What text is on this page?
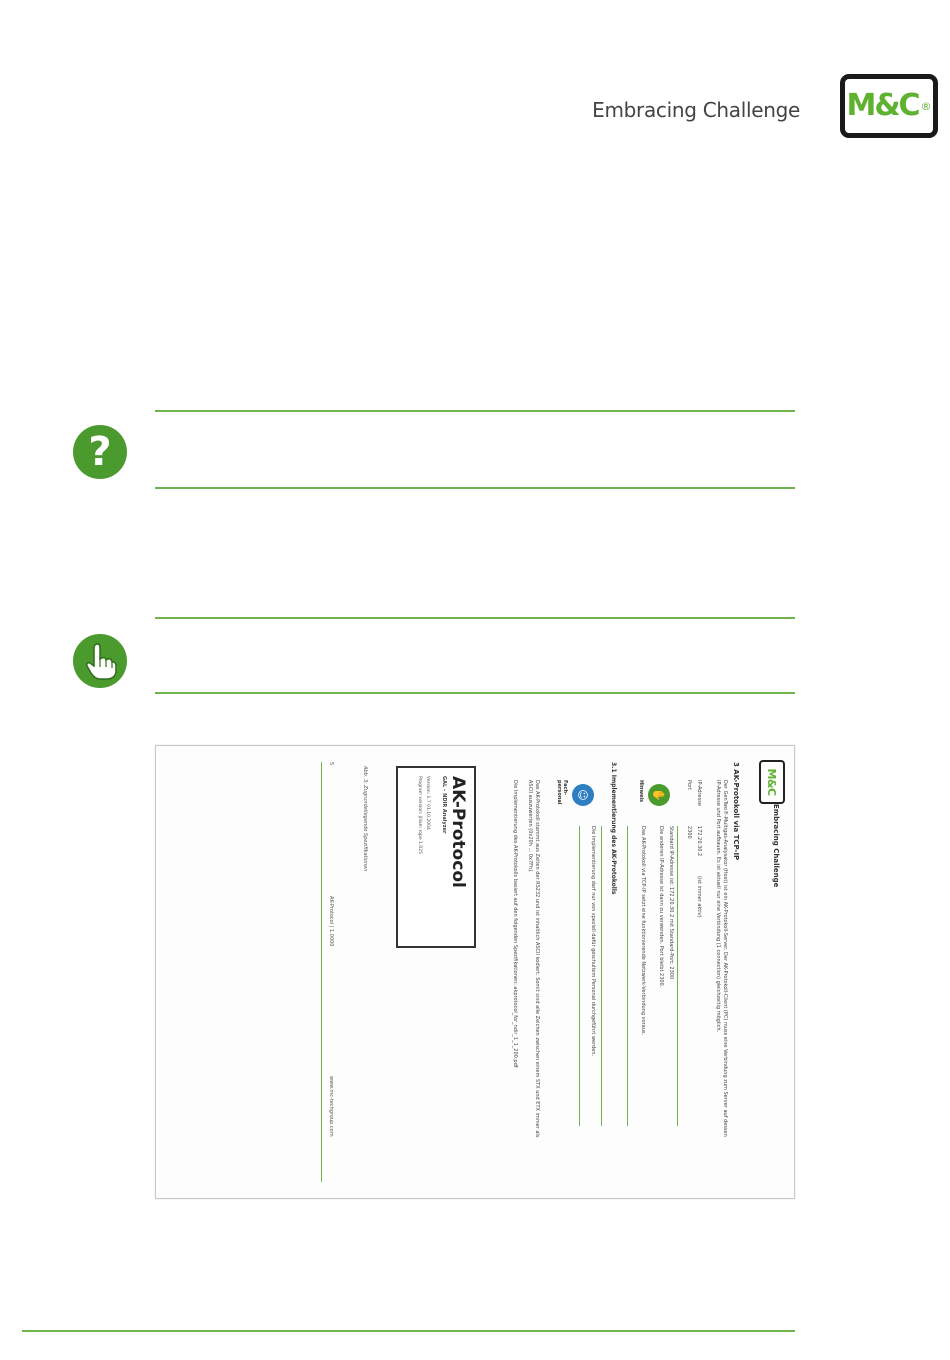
Embracing Challenge M&C ®
?
M&C
Embracing Challenge
3 AK-Protokoll via TCP-IP
Der GenTwo®-Multigas-Analysator (Host) ist ein AK-Protokoll-Server. Der AK-Protokoll-Client (PC) muss eine Verbindung zum Server auf dessen IP-Adresse und Port aufbauen. Es ist aktuell nur eine Verbindung (1 connection) gleichzeitig möglich.
IP-Adresse
172.20.30.2
(ist immer aktiv)
Port
2300
✋
Hinweis
Standard IP-Adresse ist: 172.20.30.2 mit Standard-Port: 2300
Die anderen IP-Adresse ist dann zu verwenden. Port bleibt 2300.
Das AK-Protokoll via TCP-IP setzt eine funktionierende Netzwerk-Verbindung voraus.
3.1 Implementierung des AK-Protokolls
☺
Fach-
personal
Die Implementierung darf nur von speziell dafür geschultem Personal durchgeführt werden.
Das AK-Protokoll stammt aus Zeiten der RS232 und ist inhaltlich ASCII kodiert. Somit sind alle Zeichen zwischen einem STX und ETX immer als ASCII auszuwerten (0x20h ... 0x7Fh).
Die Implementierung des AK-Protokolls basiert auf den folgenden Spezifikationen: akprotocol_for_ndir_1_1_200.pdf
AK-Protocol
GAL – NDIR Analyzer
Version: 1.7 01.10.2004
Program version: Jiliam rope 1.025
Abb. 3: Zugrundeliegende Spezifikationen
5
AK-Protocol | 1.0000
www.mc-techgroup.com
